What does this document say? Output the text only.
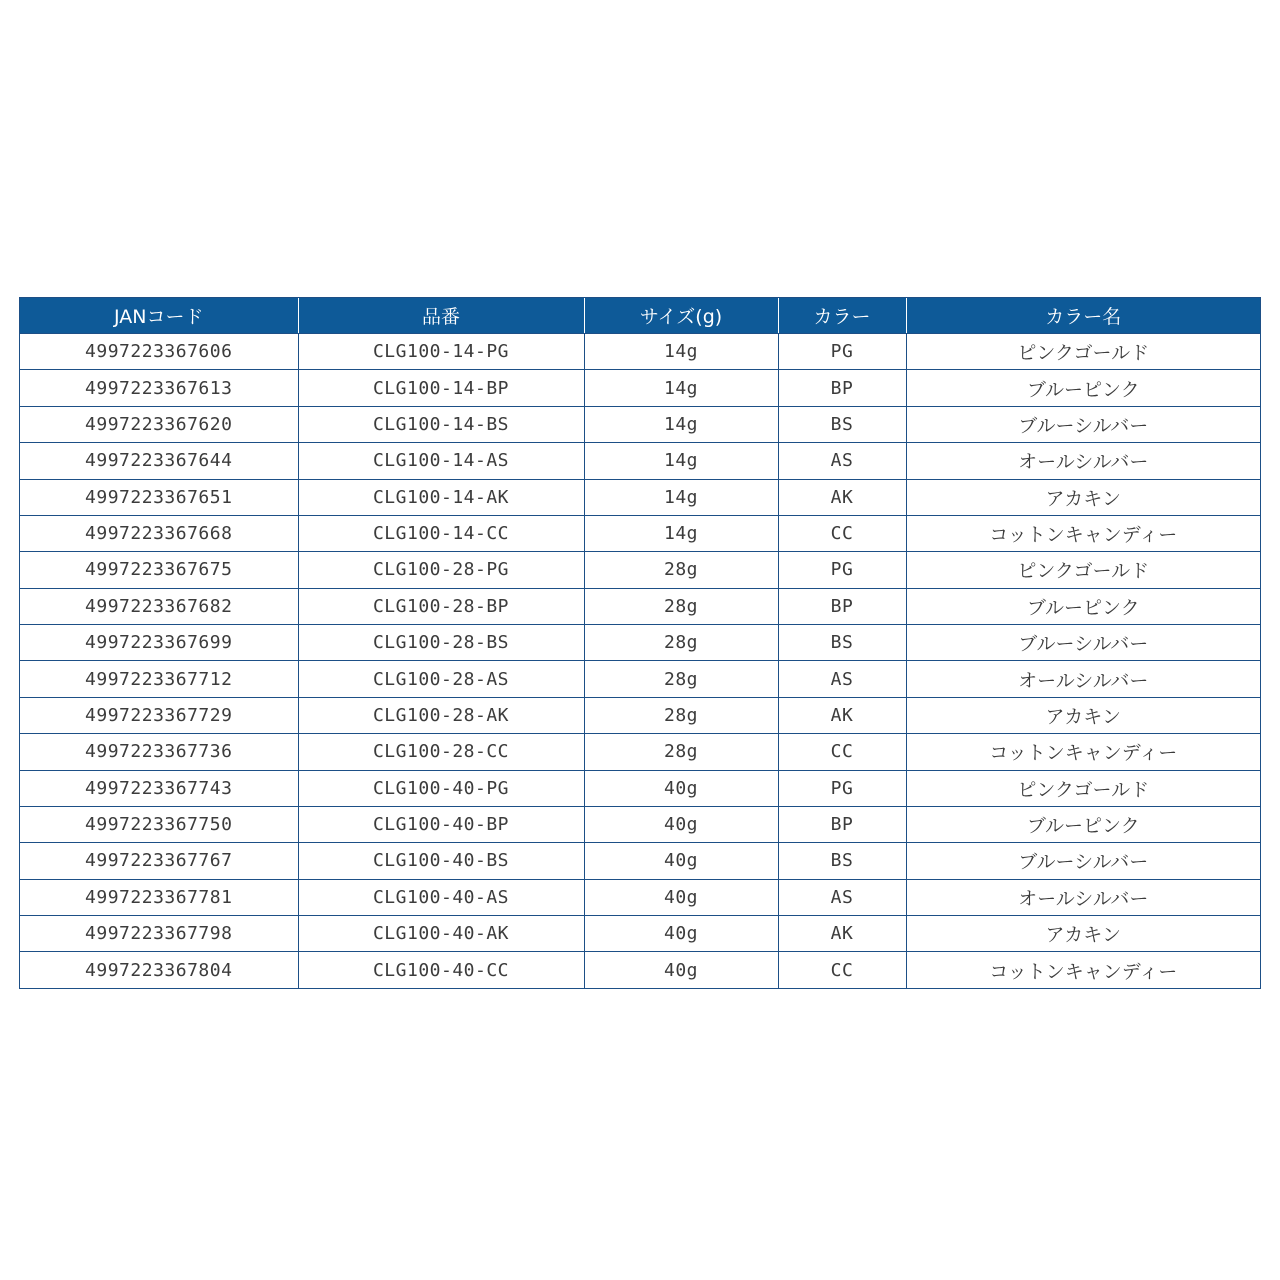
JANコード	品番	サイズ(g)	カラー	カラー名
4997223367606	CLG100-14-PG	14g	PG	ピンクゴールド
4997223367613	CLG100-14-BP	14g	BP	ブルーピンク
4997223367620	CLG100-14-BS	14g	BS	ブルーシルバー
4997223367644	CLG100-14-AS	14g	AS	オールシルバー
4997223367651	CLG100-14-AK	14g	AK	アカキン
4997223367668	CLG100-14-CC	14g	CC	コットンキャンディー
4997223367675	CLG100-28-PG	28g	PG	ピンクゴールド
4997223367682	CLG100-28-BP	28g	BP	ブルーピンク
4997223367699	CLG100-28-BS	28g	BS	ブルーシルバー
4997223367712	CLG100-28-AS	28g	AS	オールシルバー
4997223367729	CLG100-28-AK	28g	AK	アカキン
4997223367736	CLG100-28-CC	28g	CC	コットンキャンディー
4997223367743	CLG100-40-PG	40g	PG	ピンクゴールド
4997223367750	CLG100-40-BP	40g	BP	ブルーピンク
4997223367767	CLG100-40-BS	40g	BS	ブルーシルバー
4997223367781	CLG100-40-AS	40g	AS	オールシルバー
4997223367798	CLG100-40-AK	40g	AK	アカキン
4997223367804	CLG100-40-CC	40g	CC	コットンキャンディー
